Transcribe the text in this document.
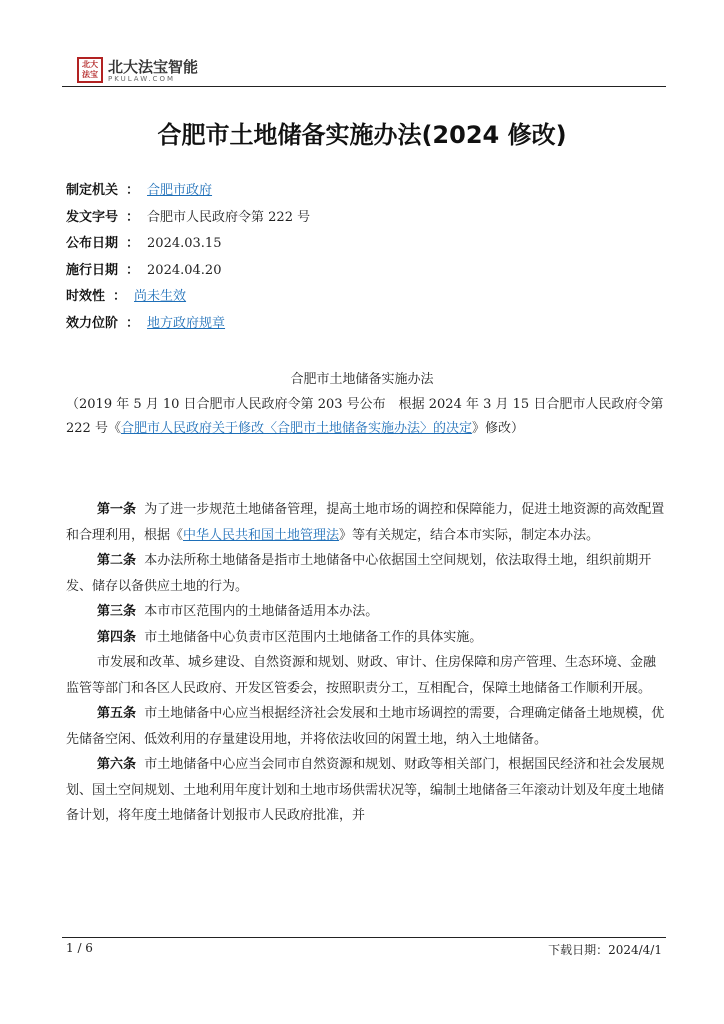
北大
法宝 北大法宝智能
PKULAW.COM
合肥市土地储备实施办法(2024 修改)
制定机关 ： 合肥市政府
发文字号 ： 合肥市人民政府令第 222 号
公布日期 ： 2024.03.15
施行日期 ： 2024.04.20
时效性 ： 尚未生效
效力位阶 ： 地方政府规章
合肥市土地储备实施办法
（2019 年 5 月 10 日合肥市人民政府令第 203 号公布　根据 2024 年 3 月 15 日合肥市人民政府令第 222 号《合肥市人民政府关于修改〈合肥市土地储备实施办法〉的决定》修改）

第一条 为了进一步规范土地储备管理，提高土地市场的调控和保障能力，促进土地资源的高效配置和合理利用，根据《中华人民共和国土地管理法》等有关规定，结合本市实际，制定本办法。

第二条 本办法所称土地储备是指市土地储备中心依据国土空间规划，依法取得土地，组织前期开发、储存以备供应土地的行为。

第三条 本市市区范围内的土地储备适用本办法。

第四条 市土地储备中心负责市区范围内土地储备工作的具体实施。

市发展和改革、城乡建设、自然资源和规划、财政、审计、住房保障和房产管理、生态环境、金融监管等部门和各区人民政府、开发区管委会，按照职责分工，互相配合，保障土地储备工作顺利开展。

第五条 市土地储备中心应当根据经济社会发展和土地市场调控的需要，合理确定储备土地规模，优先储备空闲、低效利用的存量建设用地，并将依法收回的闲置土地，纳入土地储备。

第六条 市土地储备中心应当会同市自然资源和规划、财政等相关部门，根据国民经济和社会发展规划、国土空间规划、土地利用年度计划和土地市场供需状况等，编制土地储备三年滚动计划及年度土地储备计划，将年度土地储备计划报市人民政府批准，并

1 / 6	下载日期：2024/4/1
